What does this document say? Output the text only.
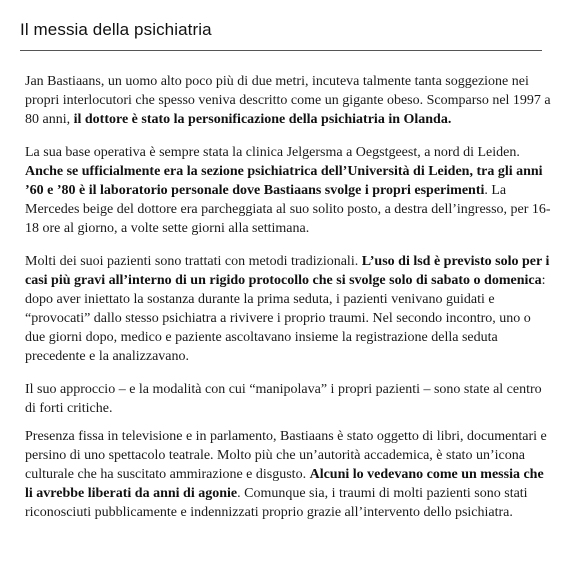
Il messia della psichiatria

Jan Bastiaans, un uomo alto poco più di due metri, incuteva talmente tanta soggezione nei propri interlocutori che spesso veniva descritto come un gigante obeso. Scomparso nel 1997 a 80 anni, il dottore è stato la personificazione della psichiatria in Olanda.

La sua base operativa è sempre stata la clinica Jelgersma a Oegstgeest, a nord di Leiden. Anche se ufficialmente era la sezione psichiatrica dell’Università di Leiden, tra gli anni ’60 e ’80 è il laboratorio personale dove Bastiaans svolge i propri esperimenti. La Mercedes beige del dottore era parcheggiata al suo solito posto, a destra dell’ingresso, per 16-18 ore al giorno, a volte sette giorni alla settimana.

Molti dei suoi pazienti sono trattati con metodi tradizionali. L’uso di lsd è previsto solo per i casi più gravi all’interno di un rigido protocollo che si svolge solo di sabato o domenica: dopo aver iniettato la sostanza durante la prima seduta, i pazienti venivano guidati e “provocati” dallo stesso psichiatra a rivivere i proprio traumi. Nel secondo incontro, uno o due giorni dopo, medico e paziente ascoltavano insieme la registrazione della seduta precedente e la analizzavano.

Il suo approccio – e la modalità con cui “manipolava” i propri pazienti – sono state al centro di forti critiche.

Presenza fissa in televisione e in parlamento, Bastiaans è stato oggetto di libri, documentari e persino di uno spettacolo teatrale. Molto più che un’autorità accademica, è stato un’icona culturale che ha suscitato ammirazione e disgusto. Alcuni lo vedevano come un messia che li avrebbe liberati da anni di agonie. Comunque sia, i traumi di molti pazienti sono stati riconosciuti pubblicamente e indennizzati proprio grazie all’intervento dello psichiatra.
